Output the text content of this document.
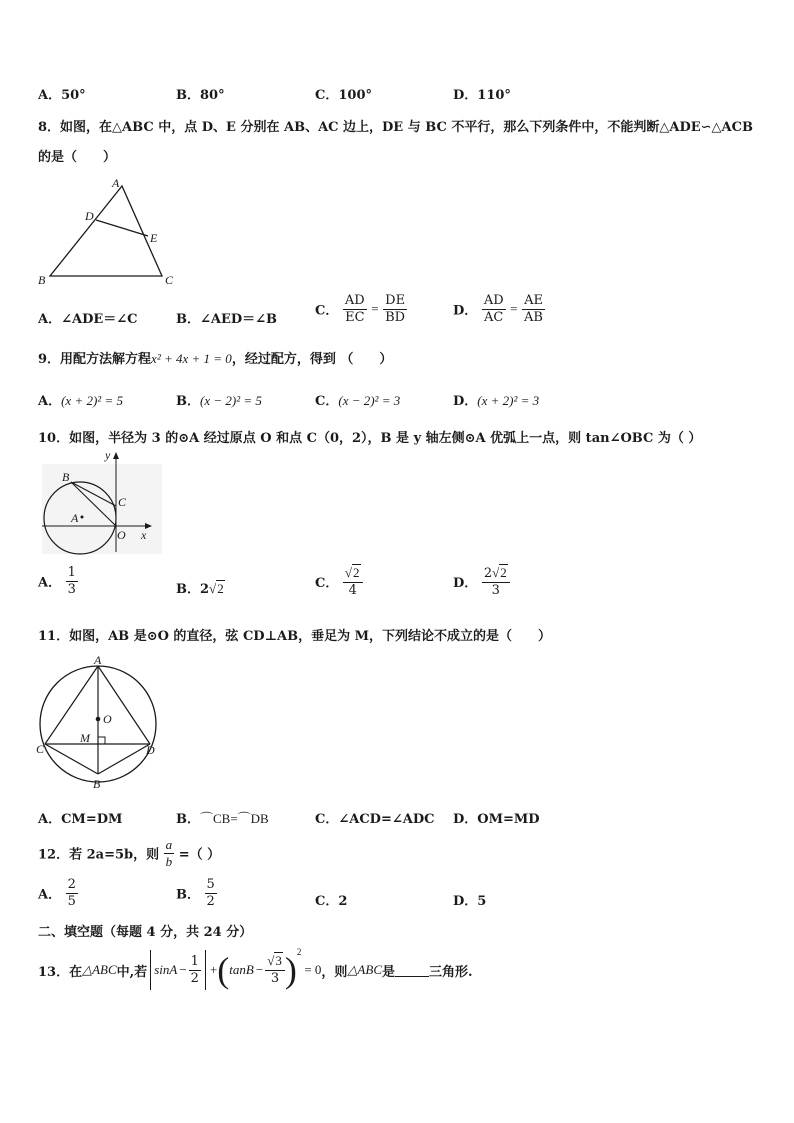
A．50°	B．80°	C．100°	D．110°
8．如图，在△ABC 中，点 D、E 分别在 AB、AC 边上，DE 与 BC 不平行，那么下列条件中，不能判断△ADE∽△ACB
的是（　　）
A
D
E
B	C
A．∠ADE＝∠C	B．∠AED＝∠B
C． $\frac{AD}{EC} = \frac{DE}{BD}$	D． $\frac{AD}{AC} = \frac{AE}{AB}$
9．用配方法解方程x² + 4x + 1 = 0，经过配方，得到 （　　）
A．(x + 2)² = 5	B．(x − 2)² = 5	C．(x − 2)² = 3	D．(x + 2)² = 3
10．如图，半径为 3 的⊙A 经过原点 O 和点 C（0，2），B 是 y 轴左侧⊙A 优弧上一点，则 tan∠OBC 为（ ）
y
B
C
A
O x
A． $\frac{1}{3}$	B．2√2	C． $\frac{√2}{4}$	D． $\frac{2√2}{3}$
11．如图，AB 是⊙O 的直径，弦 CD⊥AB，垂足为 M，下列结论不成立的是（　　）
A
O
M
C	D
B
A．CM=DM	B．⌒CB=⌒DB	C．∠ACD=∠ADC D．OM=MD
12．若 2a=5b，则 $\frac{a}{b}$ =（ ）
A． $\frac{2}{5}$	B． $\frac{5}{2}$	C．2	D．5
二、填空题（每题 4 分，共 24 分）
13．在 △ABC 中,若 $\sin A - \frac{1}{2}$ + ( $\tan B - \frac{√3}{3}$ ) 2
= 0 ，则 △ABC 是	三角形.
